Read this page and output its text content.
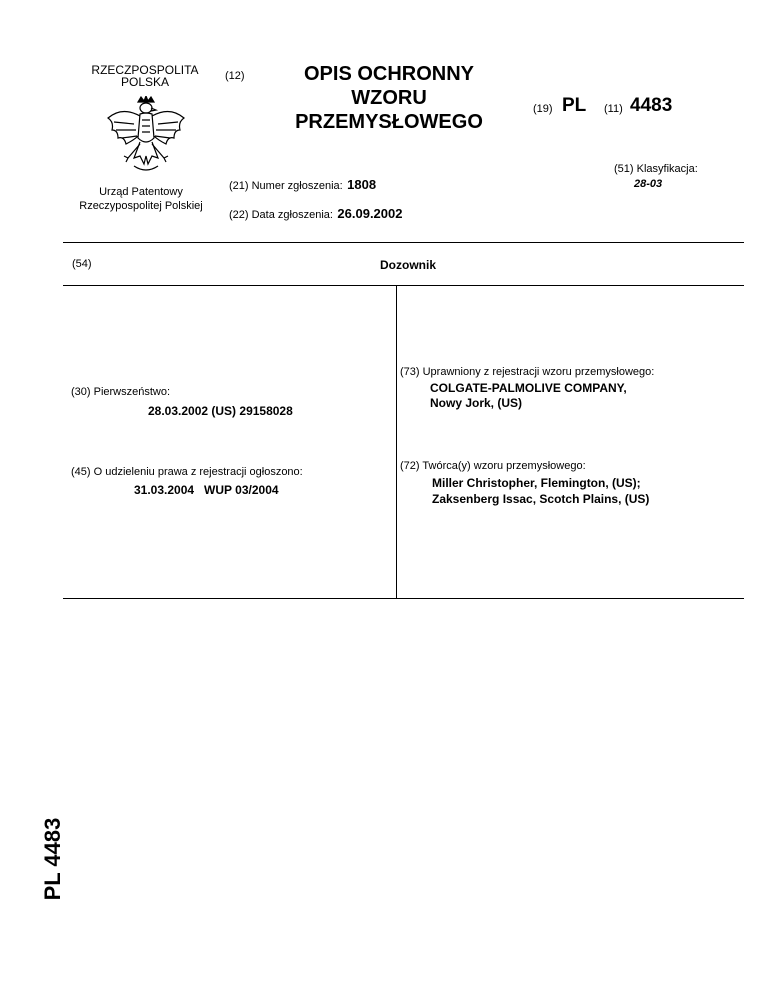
RZECZPOSPOLITA
POLSKA
Urząd Patentowy
Rzeczypospolitej Polskiej
(12)	OPIS OCHRONNY
WZORU
PRZEMYSŁOWEGO
(19) PL (11) 4483
(51) Klasyfikacja:
28-03
(21) Numer zgłoszenia: 1808
(22) Data zgłoszenia: 26.09.2002
(54)	Dozownik
(30) Pierwszeństwo:
28.03.2002 (US) 29158028
(45) O udzieleniu prawa z rejestracji ogłoszono:
31.03.2004   WUP 03/2004
(73) Uprawniony z rejestracji wzoru przemysłowego:
COLGATE-PALMOLIVE COMPANY,
Nowy Jork, (US)
(72) Twórca(y) wzoru przemysłowego:
Miller Christopher, Flemington, (US);
Zaksenberg Issac, Scotch Plains, (US)
PL 4483
